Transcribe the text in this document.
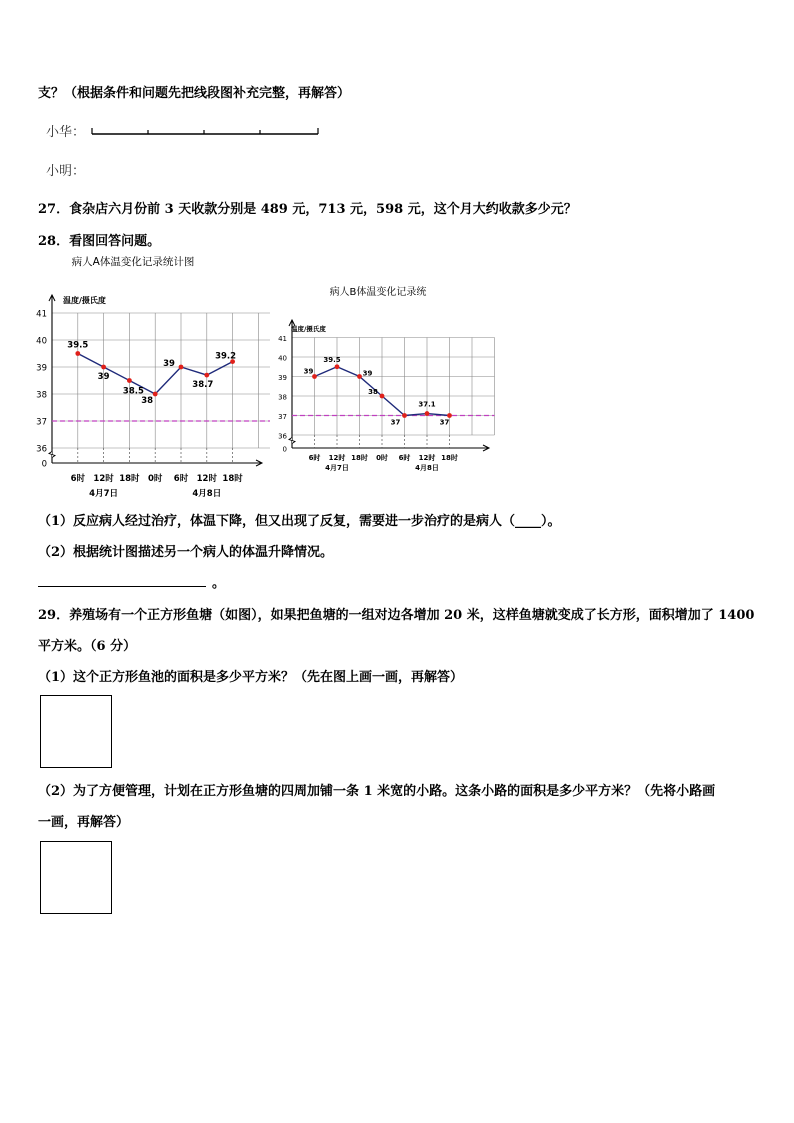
支？（根据条件和问题先把线段图补充完整，再解答）
小华：
小明：
27．食杂店六月份前 3 天收款分别是 489 元，713 元，598 元，这个月大约收款多少元？
28．看图回答问题。
病人A体温变化记录统计图
温度/摄氏度
0
36
37
38
39
40
41
6时 12时 18时 0时 6时 12时 18时
4月7日	4月8日
39.5
39
38.5
38
39
38.7
39.2
病人B体温变化记录统
温度/摄氏度
0
36
37
38
39
40
41
6时 12时 18时 0时 6时 12时 18时
4月7日	4月8日
39
39.5
39
38
37
37.1
37
（1）反应病人经过治疗，体温下降，但又出现了反复，需要进一步治疗的是病人（____）。
（2）根据统计图描述另一个病人的体温升降情况。
。
29．养殖场有一个正方形鱼塘（如图），如果把鱼塘的一组对边各增加 20 米，这样鱼塘就变成了长方形，面积增加了 1400
平方米。（6 分）
（1）这个正方形鱼池的面积是多少平方米？（先在图上画一画，再解答）
（2）为了方便管理，计划在正方形鱼塘的四周加铺一条 1 米宽的小路。这条小路的面积是多少平方米？（先将小路画
一画，再解答）
